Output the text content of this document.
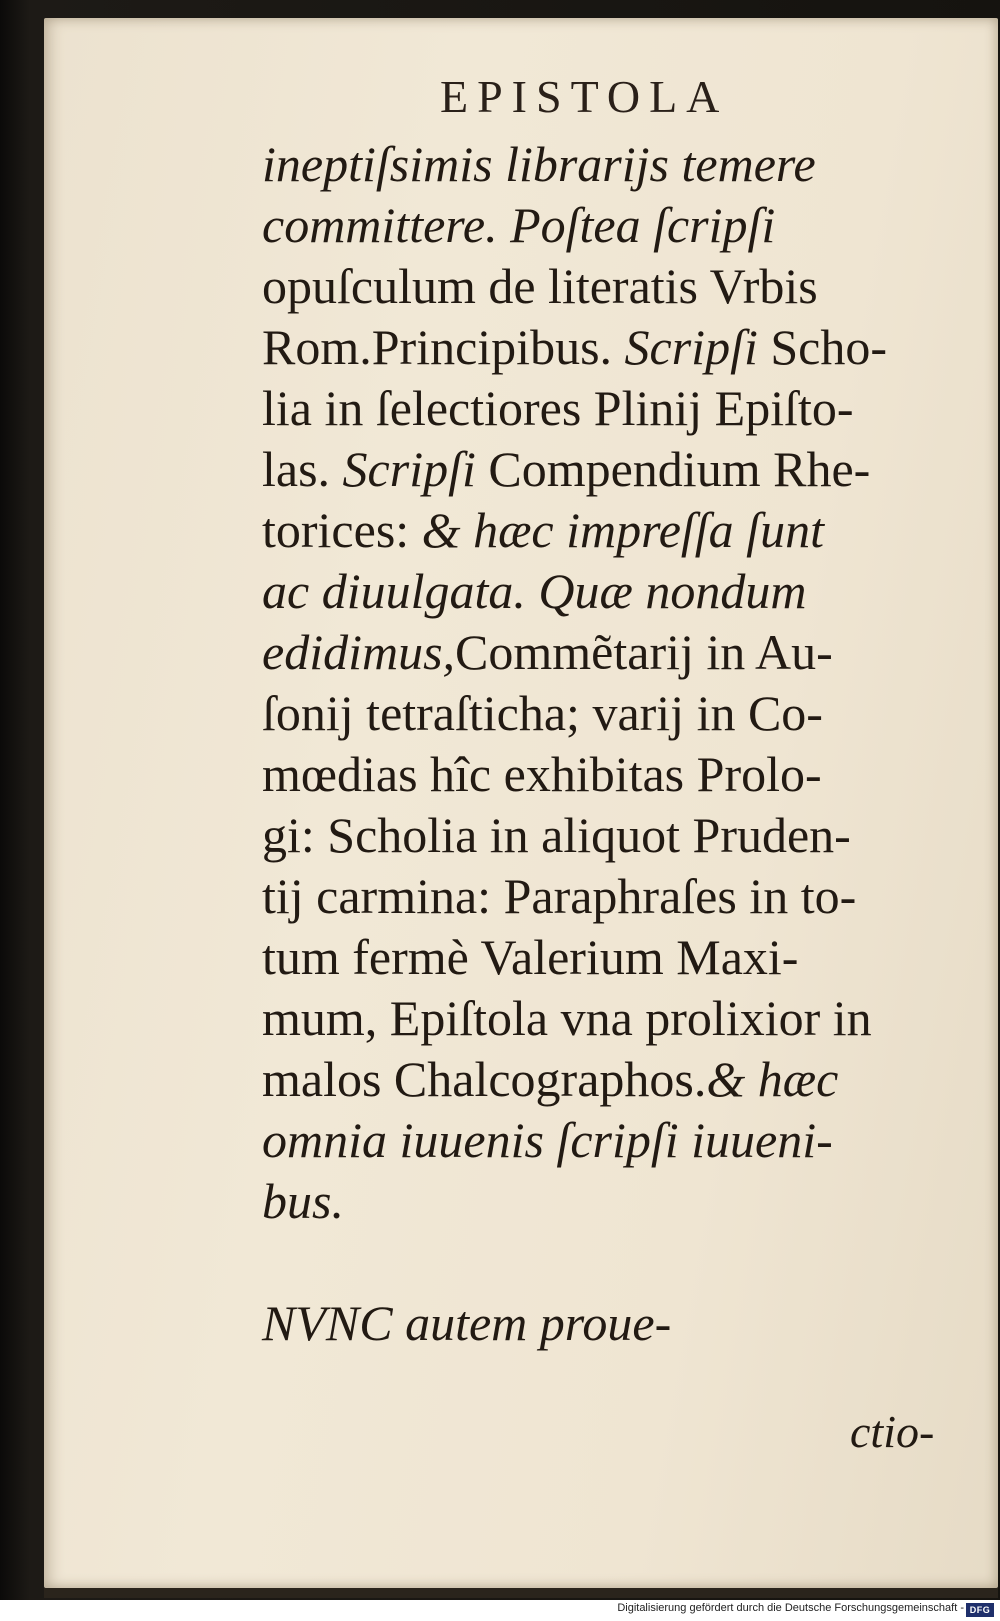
EPISTOLA
ineptiſsimis librarijs temere
committere. Poſtea ſcripſi
opuſculum de literatis Vrbis
Rom.Principibus. Scripſi Scho-
lia in ſelectiores Plinij Epiſto-
las. Scripſi Compendium Rhe-
torices: & hæc impreſſa ſunt
ac diuulgata. Quæ nondum
edidimus,Commẽtarij in Au-
ſonij tetraſticha; varij in Co-
mœdias hîc exhibitas Prolo-
gi: Scholia in aliquot Pruden-
tij carmina: Paraphraſes in to-
tum fermè Valerium Maxi-
mum, Epiſtola vna prolixior in
malos Chalcographos.& hæc
omnia iuuenis ſcripſi iuueni-
bus.

NVNC autem proue-
ctio-
Digitalisierung gefördert durch die Deutsche Forschungsgemeinschaft - DFG
